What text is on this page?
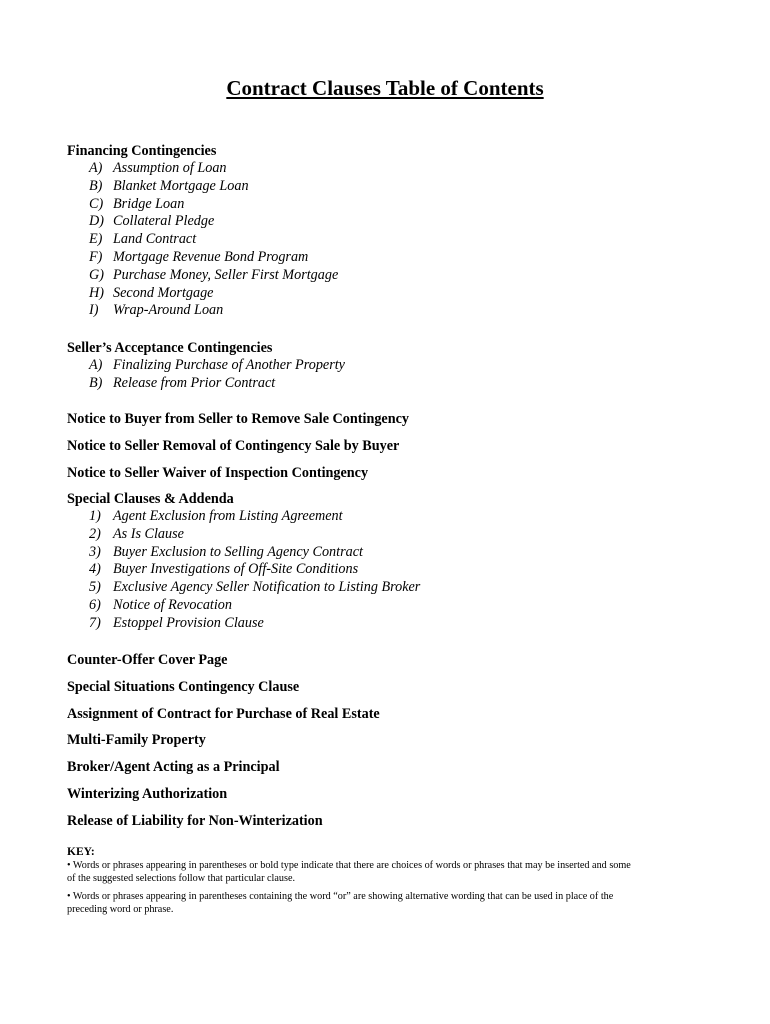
Contract Clauses Table of Contents
Financing Contingencies
A) Assumption of Loan
B) Blanket Mortgage Loan
C) Bridge Loan
D) Collateral Pledge
E) Land Contract
F) Mortgage Revenue Bond Program
G) Purchase Money, Seller First Mortgage
H) Second Mortgage
I) Wrap-Around Loan
Seller’s Acceptance Contingencies
A) Finalizing Purchase of Another Property
B) Release from Prior Contract
Notice to Buyer from Seller to Remove Sale Contingency
Notice to Seller Removal of Contingency Sale by Buyer
Notice to Seller Waiver of Inspection Contingency
Special Clauses & Addenda
1) Agent Exclusion from Listing Agreement
2) As Is Clause
3) Buyer Exclusion to Selling Agency Contract
4) Buyer Investigations of Off-Site Conditions
5) Exclusive Agency Seller Notification to Listing Broker
6) Notice of Revocation
7) Estoppel Provision Clause
Counter-Offer Cover Page
Special Situations Contingency Clause
Assignment of Contract for Purchase of Real Estate
Multi-Family Property
Broker/Agent Acting as a Principal
Winterizing Authorization
Release of Liability for Non-Winterization
KEY:

• Words or phrases appearing in parentheses or bold type indicate that there are choices of words or phrases that may be inserted and some of the suggested selections follow that particular clause.

• Words or phrases appearing in parentheses containing the word “or” are showing alternative wording that can be used in place of the preceding word or phrase.
